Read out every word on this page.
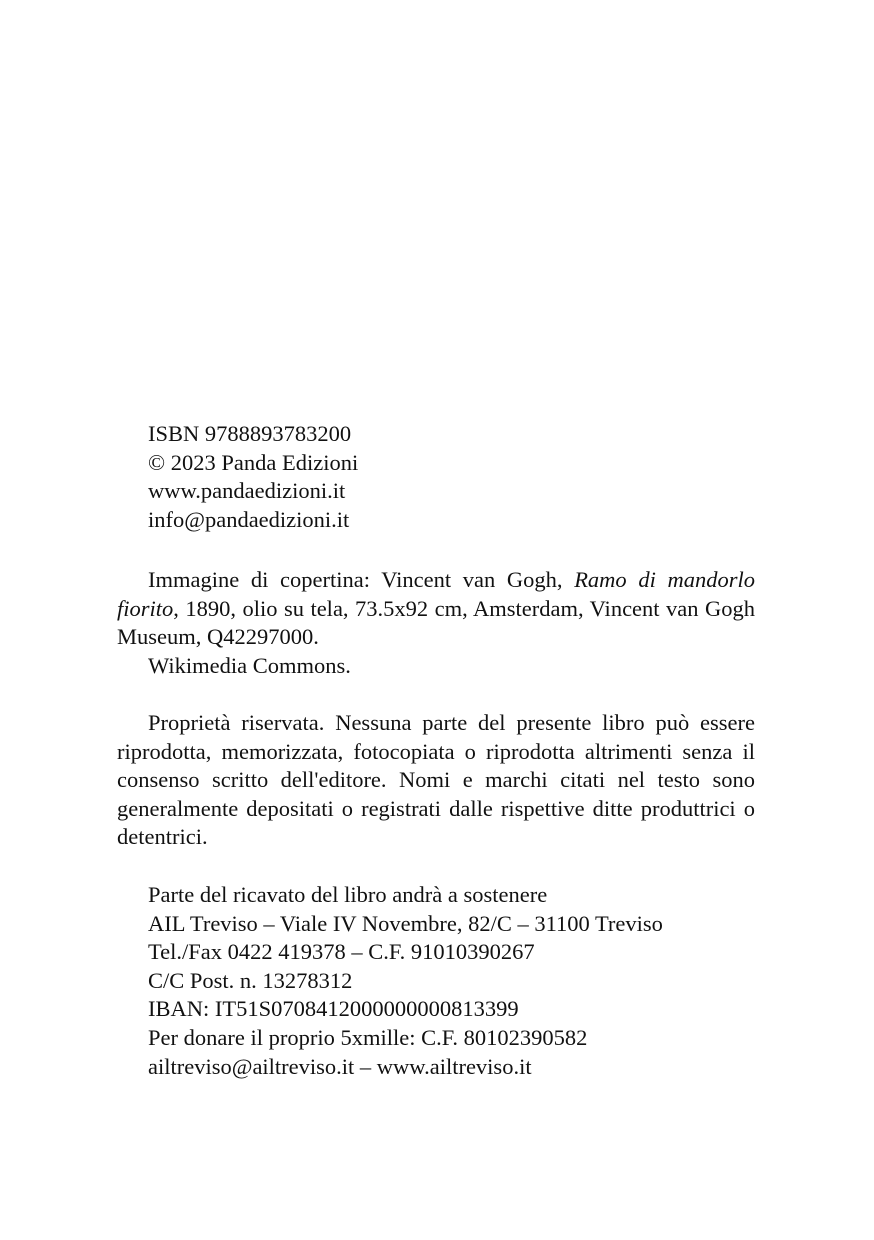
ISBN 9788893783200
© 2023 Panda Edizioni
www.pandaedizioni.it
info@pandaedizioni.it

Immagine di copertina: Vincent van Gogh, Ramo di mandorlo fiorito, 1890, olio su tela, 73.5x92 cm, Amsterdam, Vincent van Gogh Museum, Q42297000.
Wikimedia Commons.

Proprietà riservata. Nessuna parte del presente libro può essere riprodotta, memorizzata, fotocopiata o riprodotta altrimenti senza il consenso scritto dell'editore. Nomi e marchi citati nel testo sono generalmente depositati o registrati dalle rispettive ditte produttrici o detentrici.

Parte del ricavato del libro andrà a sostenere
AIL Treviso – Viale IV Novembre, 82/C – 31100 Treviso
Tel./Fax 0422 419378 – C.F. 91010390267
C/C Post. n. 13278312
IBAN: IT51S0708412000000000813399
Per donare il proprio 5xmille: C.F. 80102390582
ailtreviso@ailtreviso.it – www.ailtreviso.it
